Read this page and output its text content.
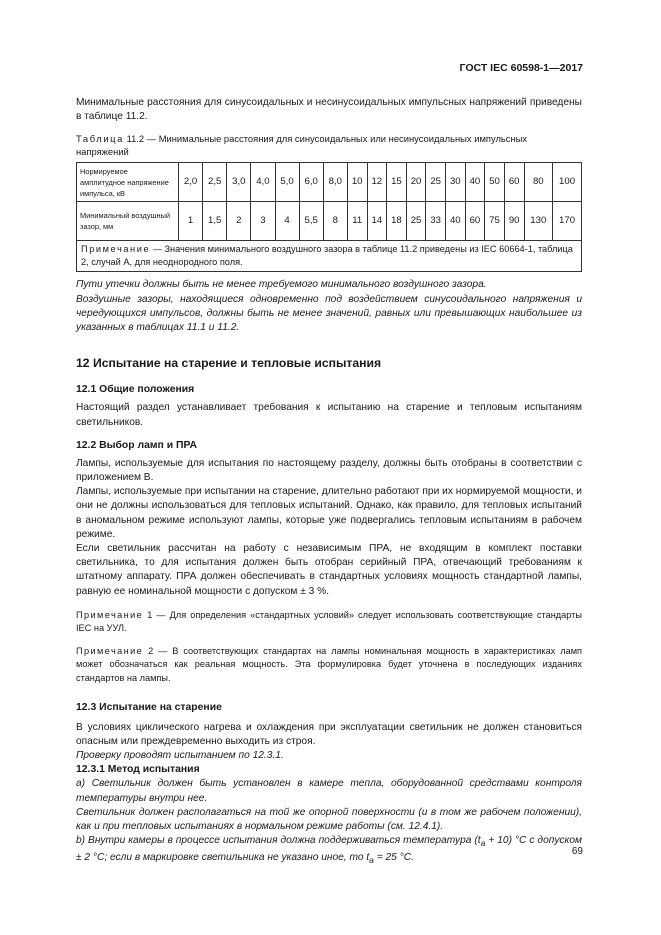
ГОСТ IEC 60598-1—2017

Минимальные расстояния для синусоидальных и несинусоидальных импульсных напряжений приведены в таблице 11.2.

Таблица 11.2 — Минимальные расстояния для синусоидальных или несинусоидальных импульсных напряжений
Нормируемое амплитудное напряжение импульса, кВ	2,0	2,5	3,0	4,0	5,0	6,0	8,0	10	12	15	20	25	30	40	50	60	80	100
Минимальный воздушный зазор, мм	1	1,5	2	3	4	5,5	8	11	14	18	25	33	40	60	75	90	130	170
Примечание — Значения минимального воздушного зазора в таблице 11.2 приведены из IEC 60664-1, таблица 2, случай А, для неоднородного поля.																		

Пути утечки должны быть не менее требуемого минимального воздушного зазора.

Воздушные зазоры, находящиеся одновременно под воздействием синусоидального напряжения и чередующихся импульсов, должны быть не менее значений, равных или превышающих наибольшее из указанных в таблицах 11.1 и 11.2.

12 Испытание на старение и тепловые испытания
12.1 Общие положения

Настоящий раздел устанавливает требования к испытанию на старение и тепловым испытаниям светильников.

12.2 Выбор ламп и ПРА

Лампы, используемые для испытания по настоящему разделу, должны быть отобраны в соответствии с приложением B.

Лампы, используемые при испытании на старение, длительно работают при их нормируемой мощности, и они не должны использоваться для тепловых испытаний. Однако, как правило, для тепловых испытаний в аномальном режиме используют лампы, которые уже подвергались тепловым испытаниям в рабочем режиме.

Если светильник рассчитан на работу с независимым ПРА, не входящим в комплект поставки светильника, то для испытания должен быть отобран серийный ПРА, отвечающий требованиям к штатному аппарату. ПРА должен обеспечивать в стандартных условиях мощность стандартной лампы, равную ее номинальной мощности с допуском ± 3 %.

Примечание 1 — Для определения «стандартных условий» следует использовать соответствующие стандарты IEC на УУЛ.

Примечание 2 — В соответствующих стандартах на лампы номинальная мощность в характеристиках ламп может обозначаться как реальная мощность. Эта формулировка будет уточнена в последующих изданиях стандартов на лампы.

12.3 Испытание на старение

В условиях циклического нагрева и охлаждения при эксплуатации светильник не должен становиться опасным или преждевременно выходить из строя.

Проверку проводят испытанием по 12.3.1.

12.3.1 Метод испытания

а) Светильник должен быть установлен в камере тепла, оборудованной средствами контроля температуры внутри нее.

Светильник должен располагаться на той же опорной поверхности (и в том же рабочем положении), как и при тепловых испытаниях в нормальном режиме работы (см. 12.4.1).

b) Внутри камеры в процессе испытания должна поддерживаться температура $(t_a + 10)$ °C с допуском ± 2 °C; если в маркировке светильника не указано иное, то $t_a = 25$ °C.

69
